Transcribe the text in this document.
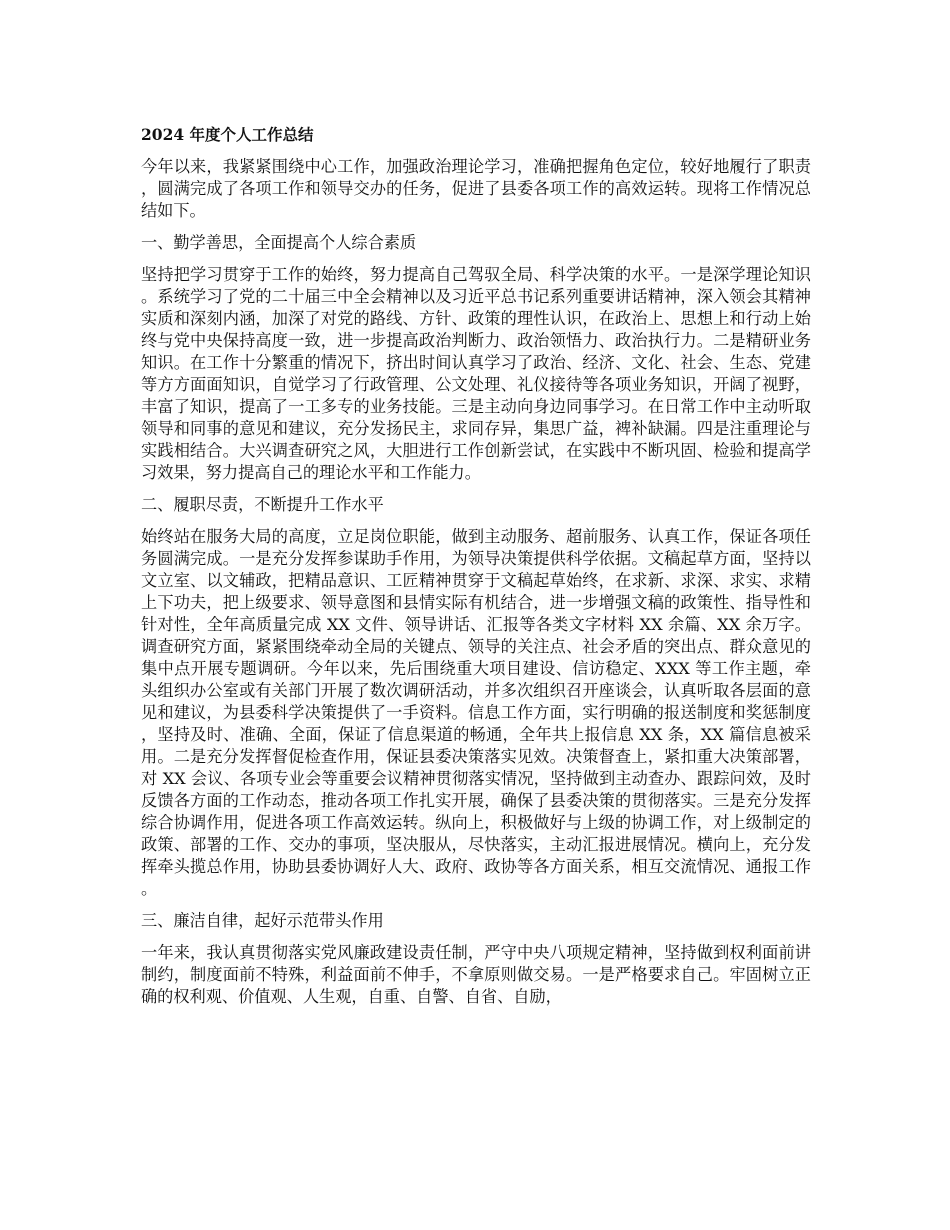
2024 年度个人工作总结

今年以来，我紧紧围绕中心工作，加强政治理论学习，准确把握角色定位，较好地履行了职责，圆满完成了各项工作和领导交办的任务，促进了县委各项工作的高效运转。现将工作情况总结如下。

一、勤学善思，全面提高个人综合素质

坚持把学习贯穿于工作的始终，努力提高自己驾驭全局、科学决策的水平。一是深学理论知识。系统学习了党的二十届三中全会精神以及习近平总书记系列重要讲话精神，深入领会其精神实质和深刻内涵，加深了对党的路线、方针、政策的理性认识，在政治上、思想上和行动上始终与党中央保持高度一致，进一步提高政治判断力、政治领悟力、政治执行力。二是精研业务知识。在工作十分繁重的情况下，挤出时间认真学习了政治、经济、文化、社会、生态、党建等方方面面知识，自觉学习了行政管理、公文处理、礼仪接待等各项业务知识，开阔了视野，丰富了知识，提高了一工多专的业务技能。三是主动向身边同事学习。在日常工作中主动听取领导和同事的意见和建议，充分发扬民主，求同存异，集思广益，裨补缺漏。四是注重理论与实践相结合。大兴调查研究之风，大胆进行工作创新尝试，在实践中不断巩固、检验和提高学习效果，努力提高自己的理论水平和工作能力。

二、履职尽责，不断提升工作水平

始终站在服务大局的高度，立足岗位职能，做到主动服务、超前服务、认真工作，保证各项任务圆满完成。一是充分发挥参谋助手作用，为领导决策提供科学依据。文稿起草方面，坚持以文立室、以文辅政，把精品意识、工匠精神贯穿于文稿起草始终，在求新、求深、求实、求精上下功夫，把上级要求、领导意图和县情实际有机结合，进一步增强文稿的政策性、指导性和针对性，全年高质量完成 XX 文件、领导讲话、汇报等各类文字材料 XX 余篇、XX 余万字。调查研究方面，紧紧围绕牵动全局的关键点、领导的关注点、社会矛盾的突出点、群众意见的集中点开展专题调研。今年以来，先后围绕重大项目建设、信访稳定、XXX 等工作主题，牵头组织办公室或有关部门开展了数次调研活动，并多次组织召开座谈会，认真听取各层面的意见和建议，为县委科学决策提供了一手资料。信息工作方面，实行明确的报送制度和奖惩制度，坚持及时、准确、全面，保证了信息渠道的畅通，全年共上报信息 XX 条，XX 篇信息被采用。二是充分发挥督促检查作用，保证县委决策落实见效。决策督查上，紧扣重大决策部署，对 XX 会议、各项专业会等重要会议精神贯彻落实情况，坚持做到主动查办、跟踪问效，及时反馈各方面的工作动态，推动各项工作扎实开展，确保了县委决策的贯彻落实。三是充分发挥综合协调作用，促进各项工作高效运转。纵向上，积极做好与上级的协调工作，对上级制定的政策、部署的工作、交办的事项，坚决服从，尽快落实，主动汇报进展情况。横向上，充分发挥牵头揽总作用，协助县委协调好人大、政府、政协等各方面关系，相互交流情况、通报工作。

三、廉洁自律，起好示范带头作用

一年来，我认真贯彻落实党风廉政建设责任制，严守中央八项规定精神，坚持做到权利面前讲制约，制度面前不特殊，利益面前不伸手，不拿原则做交易。一是严格要求自己。牢固树立正确的权利观、价值观、人生观，自重、自警、自省、自励，
